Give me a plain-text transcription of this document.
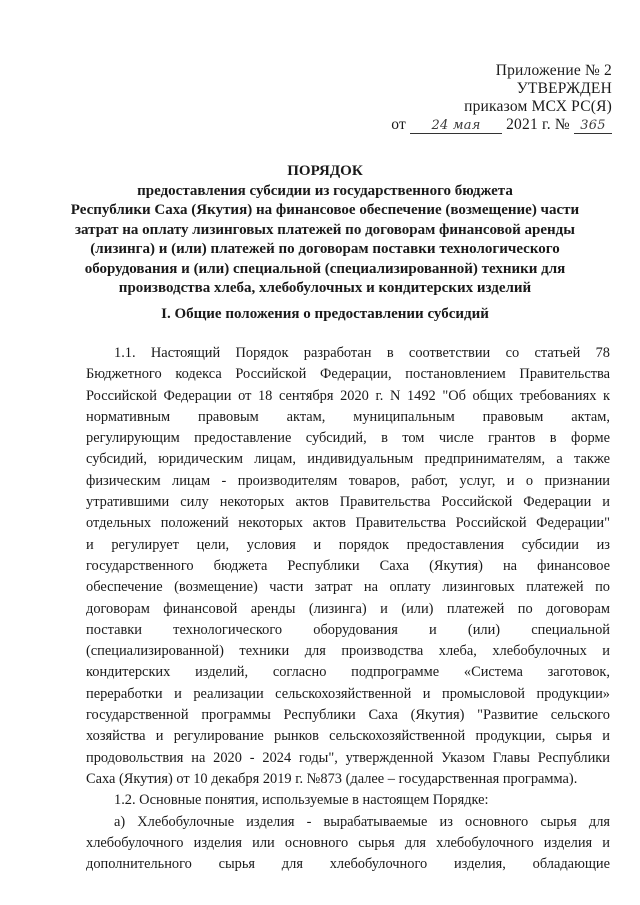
Приложение № 2
УТВЕРЖДЕН
приказом МСХ РС(Я)
от 24 мая 2021 г. № 365
ПОРЯДОК
предоставления субсидии из государственного бюджета
Республики Саха (Якутия) на финансовое обеспечение (возмещение) части
затрат на оплату лизинговых платежей по договорам финансовой аренды
(лизинга) и (или) платежей по договорам поставки технологического
оборудования и (или) специальной (специализированной) техники для
производства хлеба, хлебобулочных и кондитерских изделий
I. Общие положения о предоставлении субсидий
1.1. Настоящий Порядок разработан в соответствии со статьей 78
Бюджетного кодекса Российской Федерации, постановлением Правительства
Российской Федерации от 18 сентября 2020 г. N 1492 "Об общих требованиях к
нормативным правовым актам, муниципальным правовым актам,
регулирующим предоставление субсидий, в том числе грантов в форме
субсидий, юридическим лицам, индивидуальным предпринимателям, а также
физическим лицам - производителям товаров, работ, услуг, и о признании
утратившими силу некоторых актов Правительства Российской Федерации и
отдельных положений некоторых актов Правительства Российской Федерации"
и регулирует цели, условия и порядок предоставления субсидии из
государственного бюджета Республики Саха (Якутия) на финансовое
обеспечение (возмещение) части затрат на оплату лизинговых платежей по
договорам финансовой аренды (лизинга) и (или) платежей по договорам
поставки технологического оборудования и (или) специальной
(специализированной) техники для производства хлеба, хлебобулочных и
кондитерских изделий, согласно подпрограмме «Система заготовок,
переработки и реализации сельскохозяйственной и промысловой продукции»
государственной программы Республики Саха (Якутия) "Развитие сельского
хозяйства и регулирование рынков сельскохозяйственной продукции, сырья и
продовольствия на 2020 - 2024 годы", утвержденной Указом Главы Республики
Саха (Якутия) от 10 декабря 2019 г. №873 (далее – государственная программа).
1.2. Основные понятия, используемые в настоящем Порядке:
а) Хлебобулочные изделия - вырабатываемые из основного сырья для
хлебобулочного изделия или основного сырья для хлебобулочного изделия и
дополнительного сырья для хлебобулочного изделия, обладающие
